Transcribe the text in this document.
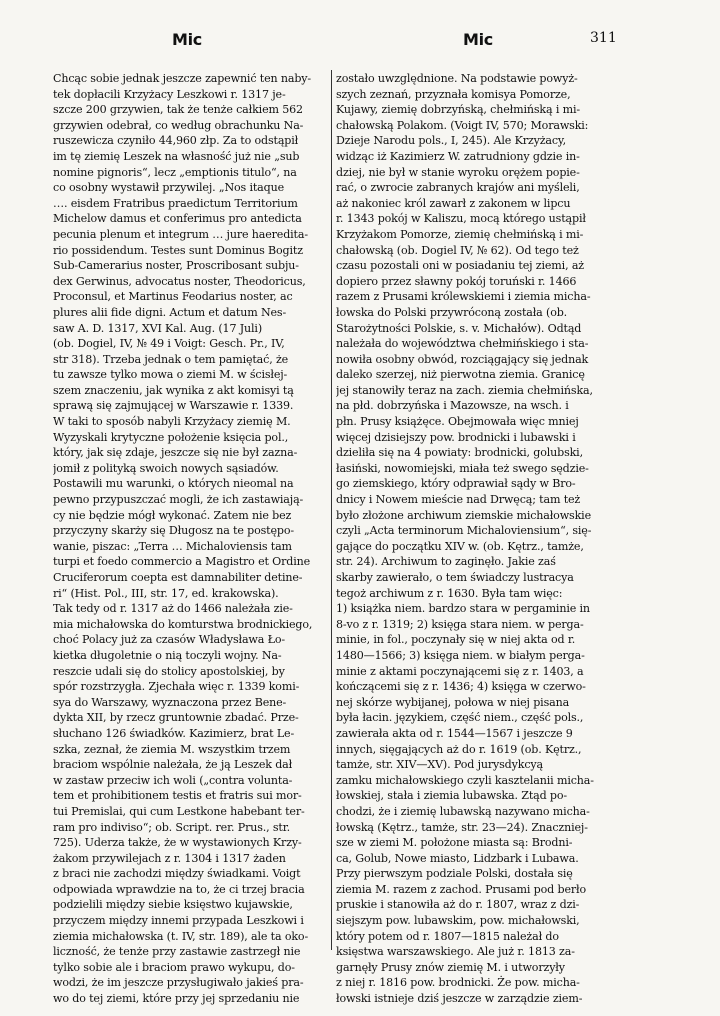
Mic	Mic	311
Chcąc sobie jednak jeszcze zapewnić ten naby-
tek dopłacili Krzyżacy Leszkowi r. 1317 je-
szcze 200 grzywien, tak że tenże całkiem 562
grzywien odebrał, co według obrachunku Na-
ruszewicza czyniło 44,960 złp. Za to odstąpił
im tę ziemię Leszek na własność już nie „sub
nomine pignoris“, lecz „emptionis titulo“, na
co osobny wystawił przywilej. „Nos itaque
…. eisdem Fratribus praedictum Territorium
Michelow damus et conferimus pro antedicta
pecunia plenum et integrum … jure haereditа-
rio possidendum. Testes sunt Dominus Bogitz
Sub-Camerarius noster, Proscribosant subju-
dex Gerwinus, advocatus noster, Theodoricus,
Proconsul, et Martinus Feodarius noster, ac
plures alii fide digni. Actum et datum Nes-
saw A. D. 1317, XVI Kal. Aug. (17 Juli)
(ob. Dogiel, IV, № 49 i Voigt: Gesch. Pr., IV,
str 318). Trzeba jednak o tem pamiętać, że
tu zawsze tylko mowa o ziemi M. w ścisłej-
szem znaczeniu, jak wynika z akt komisyi tą
sprawą się zajmującej w Warszawie r. 1339.
W taki to sposób nabyli Krzyżacy ziemię M.
Wyzyskali krytyczne położenie księcia pol.,
który, jak się zdaje, jeszcze się nie był zazna-
jomił z polityką swoich nowych sąsiadów.
Postawili mu warunki, o których nieomal na
pewno przypuszczać mogli, że ich zastawiają-
cy nie będzie mógł wykonać. Zatem nie bez
przyczyny skarży się Długosz na te postępo-
wanie, piszac: „Terra … Michaloviensis tam
turpi et foedo commercio a Magistro et Ordine
Cruciferorum coepta est damnabiliter detine-
ri“ (Hist. Pol., III, str. 17, ed. krakowska).
Tak tedy od r. 1317 aż do 1466 należała zie-
mia michałowska do komturstwa brodnickiego,
choć Polacy już za czasów Władysława Ło-
kietka długoletnie o nią toczyli wojny. Na-
reszcie udali się do stolicy apostolskiej, by
spór rozstrzygła. Zjechała więc r. 1339 komi-
sya do Warszawy, wyznaczona przez Bene-
dykta XII, by rzecz gruntownie zbadać. Prze-
słuchano 126 świadków. Kazimierz, brat Le-
szka, zeznał, że ziemia M. wszystkim trzem
braciom wspólnie należała, że ją Leszek dał
w zastaw przeciw ich woli („contra volunta-
tem et prohibitionem testis et fratris sui mor-
tui Premislai, qui cum Lestkone habebant ter-
ram pro indiviso“; ob. Script. rer. Prus., str.
725). Uderza także, że w wystawionych Krzy-
żakom przywilejach z r. 1304 i 1317 żaden
z braci nie zachodzi między świadkami. Voigt
odpowiada wprawdzie na to, że ci trzej bracia
podzielili między siebie księstwo kujawskie,
przyczem między innemi przypada Leszkowi i
ziemia michałowska (t. IV, str. 189), ale ta oko-
liczność, że tenże przy zastawie zastrzegł nie
tylko sobie ale i braciom prawo wykupu, do-
wodzi, że im jeszcze przysługiwało jakieś pra-
wo do tej ziemi, które przy jej sprzedaniu nie
zostało uwzględnione. Na podstawie powyż-
szych zeznań, przyznała komisya Pomorze,
Kujawy, ziemię dobrzyńską, chełmińską i mi-
chałowską Polakom. (Voigt IV, 570; Morawski:
Dzieje Narodu pols., I, 245). Ale Krzyżacy,
widząc iż Kazimierz W. zatrudniony gdzie in-
dziej, nie był w stanie wyroku orężem popie-
rać, o zwrocie zabranych krajów ani myśleli,
aż nakoniec król zawarł z zakonem w lipcu
r. 1343 pokój w Kaliszu, mocą którego ustąpił
Krzyżakom Pomorze, ziemię chełmińską i mi-
chałowską (ob. Dogiel IV, № 62). Od tego też
czasu pozostali oni w posiadaniu tej ziemi, aż
dopiero przez sławny pokój toruński r. 1466
razem z Prusami królewskiemi i ziemia micha-
łowska do Polski przywróconą została (ob.
Starożytności Polskie, s. v. Michałów). Odtąd
należała do województwa chełmińskiego i sta-
nowiła osobny obwód, rozciągający się jednak
daleko szerzej, niż pierwotna ziemia. Granicę
jej stanowiły teraz na zach. ziemia chełmińska,
na płd. dobrzyńska i Mazowsze, na wsch. i
płn. Prusy książęce. Obejmowała więc mniej
więcej dzisiejszy pow. brodnicki i lubawski i
dzieliła się na 4 powiaty: brodnicki, golubski,
łasiński, nowomiejski, miała też swego sędzie-
go ziemskiego, który odprawiał sądy w Bro-
dnicy i Nowem mieście nad Drwęcą; tam też
było złożone archiwum ziemskie michałowskie
czyli „Acta terminorum Michaloviensium“, się-
gające do początku XIV w. (ob. Kętrz., tamże,
str. 24). Archiwum to zaginęło. Jakie zaś
skarby zawierało, o tem świadczy lustracya
tegoż archiwum z r. 1630. Była tam więc:
1) książka niem. bardzo stara w pergaminie in
8-vo z r. 1319; 2) księga stara niem. w perga-
minie, in fol., poczynały się w niej akta od r.
1480—1566; 3) księga niem. w białym perga-
minie z aktami poczynającemi się z r. 1403, a
kończącemi się z r. 1436; 4) księga w czerwo-
nej skórze wybijanej, połowa w niej pisana
była łacin. językiem, część niem., część pols.,
zawierała akta od r. 1544—1567 i jeszcze 9
innych, sięgających aż do r. 1619 (ob. Kętrz.,
tamże, str. XIV—XV). Pod jurysdykcyą
zamku michałowskiego czyli kasztelanii micha-
łowskiej, stała i ziemia lubawska. Ztąd po-
chodzi, że i ziemię lubawską nazywano micha-
łowską (Kętrz., tamże, str. 23—24). Znaczniej-
sze w ziemi M. położone miasta są: Brodni-
ca, Golub, Nowe miasto, Lidzbark i Lubawa.
Przy pierwszym podziale Polski, dostała się
ziemia M. razem z zachod. Prusami pod berło
pruskie i stanowiła aż do r. 1807, wraz z dzi-
siejszym pow. lubawskim, pow. michałowski,
który potem od r. 1807—1815 należał do
księstwa warszawskiego. Ale już r. 1813 za-
garnęły Prusy znów ziemię M. i utworzyły
z niej r. 1816 pow. brodnicki. Że pow. micha-
łowski istnieje dziś jeszcze w zarządzie ziem-
